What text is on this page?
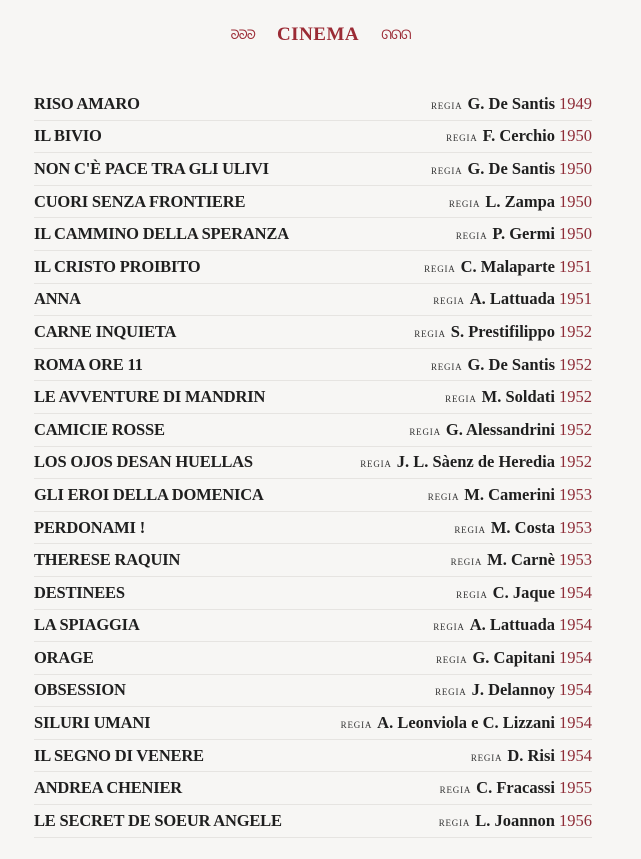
ᘐᘐᘐ CINEMA ᘏᘏᘏ
RISO AMARO	REGIA G. De Santis 1949
IL BIVIO	REGIA F. Cerchio 1950
NON C'È PACE TRA GLI ULIVI	REGIA G. De Santis 1950
CUORI SENZA FRONTIERE	REGIA L. Zampa 1950
IL CAMMINO DELLA SPERANZA	REGIA P. Germi 1950
IL CRISTO PROIBITO	REGIA C. Malaparte 1951
ANNA	REGIA A. Lattuada 1951
CARNE INQUIETA	REGIA S. Prestifilippo 1952
ROMA ORE 11	REGIA G. De Santis 1952
LE AVVENTURE DI MANDRIN	REGIA M. Soldati 1952
CAMICIE ROSSE	REGIA G. Alessandrini 1952
LOS OJOS DESAN HUELLAS	REGIA J. L. Sàenz de Heredia 1952
GLI EROI DELLA DOMENICA	REGIA M. Camerini 1953
PERDONAMI !	REGIA M. Costa 1953
THERESE RAQUIN	REGIA M. Carnè 1953
DESTINEES	REGIA C. Jaque 1954
LA SPIAGGIA	REGIA A. Lattuada 1954
ORAGE	REGIA G. Capitani 1954
OBSESSION	REGIA J. Delannoy 1954
SILURI UMANI	REGIA A. Leonviola e C. Lizzani 1954
IL SEGNO DI VENERE	REGIA D. Risi 1954
ANDREA CHENIER	REGIA C. Fracassi 1955
LE SECRET DE SOEUR ANGELE	REGIA L. Joannon 1956
